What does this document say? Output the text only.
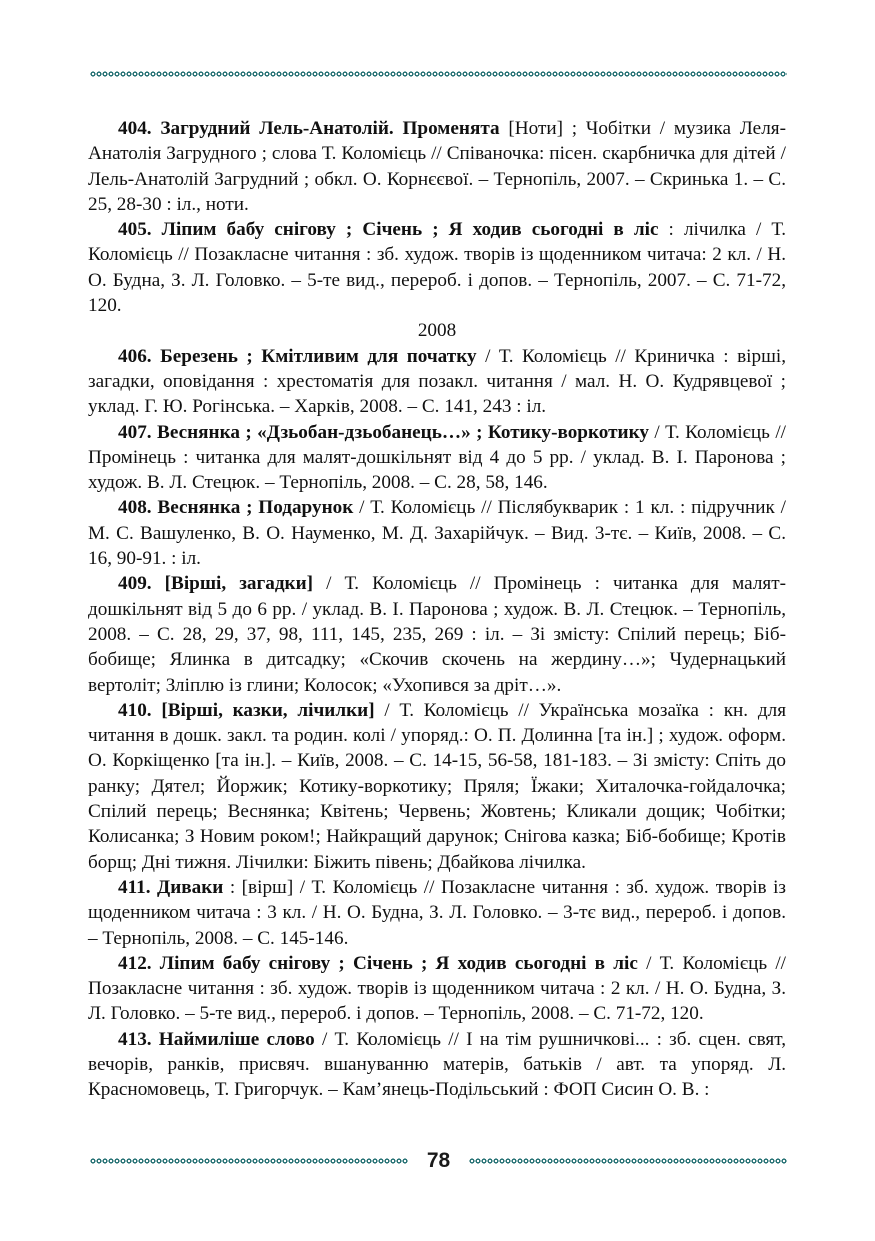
404. Загрудний Лель-Анатолій. Променята [Ноти] ; Чобітки / музика Леля-Анатолія Загрудного ; слова Т. Коломієць // Співаночка: пісен. скарбничка для дітей / Лель-Анатолій Загрудний ; обкл. О. Корнєєвої. – Тернопіль, 2007. – Скринька 1. – С. 25, 28-30 : іл., ноти.

405. Ліпим бабу снігову ; Січень ; Я ходив сьогодні в ліс : лічилка / Т. Коломієць // Позакласне читання : зб. худож. творів із щоденником читача: 2 кл. / Н. О. Будна, З. Л. Головко. – 5-те вид., перероб. і допов. – Тернопіль, 2007. – С. 71-72, 120.

2008

406. Березень ; Кмітливим для початку / Т. Коломієць // Криничка : вірші, загадки, оповідання : хрестоматія для позакл. читання / мал. Н. О. Кудрявцевої ; уклад. Г. Ю. Рогінська. – Харків, 2008. – С. 141, 243 : іл.

407. Веснянка ; «Дзьобан-дзьобанець…» ; Котику-воркотику / Т. Коломієць // Промінець : читанка для малят-дошкільнят від 4 до 5 рр. / уклад. В. І. Паронова ; худож. В. Л. Стецюк. – Тернопіль, 2008. – С. 28, 58, 146.

408. Веснянка ; Подарунок / Т. Коломієць // Післябукварик : 1 кл. : підручник / М. С. Вашуленко, В. О. Науменко, М. Д. Захарійчук. – Вид. 3-тє. – Київ, 2008. – С. 16, 90-91. : іл.

409. [Вірші, загадки] / Т. Коломієць // Промінець : читанка для малят-дошкільнят від 5 до 6 рр. / уклад. В. І. Паронова ; худож. В. Л. Стецюк. – Тернопіль, 2008. – С. 28, 29, 37, 98, 111, 145, 235, 269 : іл. – Зі змісту: Спілий перець; Біб-бобище; Ялинка в дитсадку; «Скочив скочень на жердину…»; Чудернацький вертоліт; Зліплю із глини; Колосок; «Ухопився за дріт…».

410. [Вірші, казки, лічилки] / Т. Коломієць // Українська мозаїка : кн. для читання в дошк. закл. та родин. колі / упоряд.: О. П. Долинна [та ін.] ; худож. оформ. О. Коркіщенко [та ін.]. – Київ, 2008. – С. 14-15, 56-58, 181-183. – Зі змісту: Спіть до ранку; Дятел; Йоржик; Котику-воркотику; Пряля; Їжаки; Хиталочка-гойдалочка; Спілий перець; Веснянка; Квітень; Червень; Жовтень; Кликали дощик; Чобітки; Колисанка; З Новим роком!; Найкращий дарунок; Снігова казка; Біб-бобище; Кротів борщ; Дні тижня. Лічилки: Біжить півень; Дбайкова лічилка.

411. Диваки : [вірш] / Т. Коломієць // Позакласне читання : зб. худож. творів із щоденником читача : 3 кл. / Н. О. Будна, З. Л. Головко. – 3-тє вид., перероб. і допов. – Тернопіль, 2008. – С. 145-146.

412. Ліпим бабу снігову ; Січень ; Я ходив сьогодні в ліс / Т. Коломієць // Позакласне читання : зб. худож. творів із щоденником читача : 2 кл. / Н. О. Будна, З. Л. Головко. – 5-те вид., перероб. і допов. – Тернопіль, 2008. – С. 71-72, 120.

413. Наймиліше слово / Т. Коломієць // І на тім рушничкові... : зб. сцен. свят, вечорів, ранків, присвяч. вшануванню матерів, батьків / авт. та упоряд. Л. Красномовець, Т. Григорчук. – Кам’янець-Подільський : ФОП Сисин О. В. :

78
